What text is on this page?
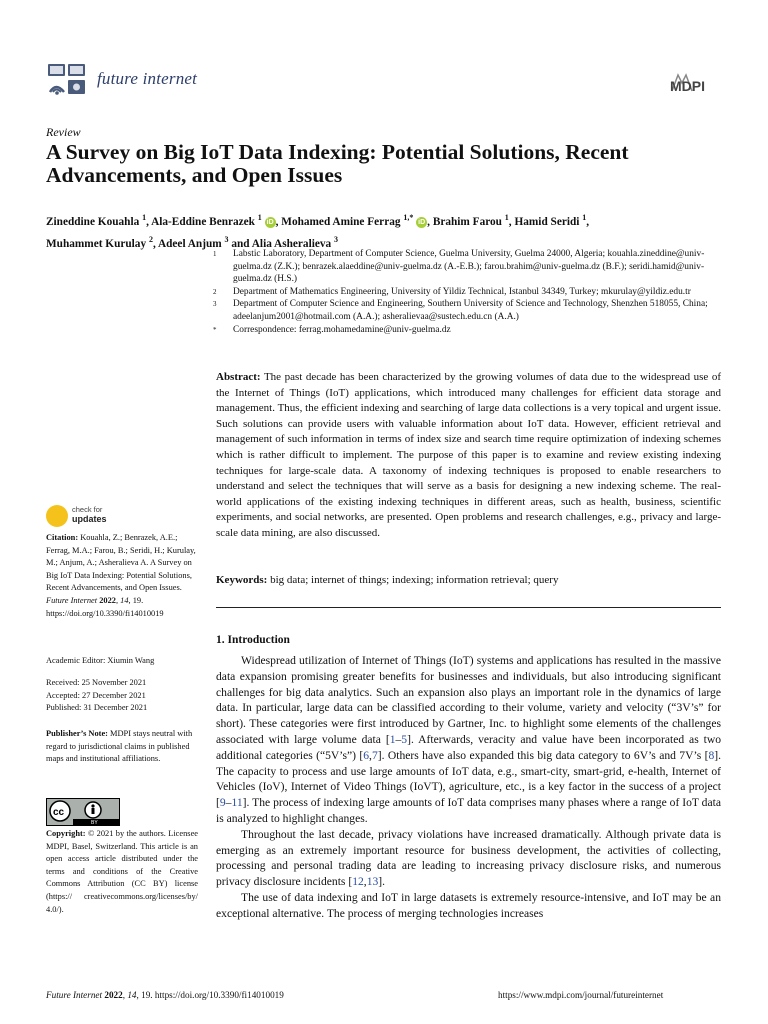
future internet	MDPI
Review
A Survey on Big IoT Data Indexing: Potential Solutions, Recent Advancements, and Open Issues
Zineddine Kouahla $^1$, Ala-Eddine Benrazek $^1$ iD , Mohamed Amine Ferrag $^{1,*}$ iD , Brahim Farou $^1$, Hamid Seridi $^1$,
Muhammet Kurulay $^2$, Adeel Anjum $^3$ and Alia Asheralieva $^3$
1	Labstic Laboratory, Department of Computer Science, Guelma University, Guelma 24000, Algeria; kouahla.zineddine@univ-guelma.dz (Z.K.); benrazek.alaeddine@univ-guelma.dz (A.-E.B.); farou.brahim@univ-guelma.dz (B.F.); seridi.hamid@univ-guelma.dz (H.S.)
2	Department of Mathematics Engineering, University of Yildiz Technical, Istanbul 34349, Turkey; mkurulay@yildiz.edu.tr
3	Department of Computer Science and Engineering, Southern University of Science and Technology, Shenzhen 518055, China; adeelanjum2001@hotmail.com (A.A.); asheralievaa@sustech.edu.cn (A.A.)
*	Correspondence: ferrag.mohamedamine@univ-guelma.dz
Abstract: The past decade has been characterized by the growing volumes of data due to the widespread use of the Internet of Things (IoT) applications, which introduced many challenges for efficient data storage and management. Thus, the efficient indexing and searching of large data collections is a very topical and urgent issue. Such solutions can provide users with valuable information about IoT data. However, efficient retrieval and management of such information in terms of index size and search time require optimization of indexing schemes which is rather difficult to implement. The purpose of this paper is to examine and review existing indexing techniques for large-scale data. A taxonomy of indexing techniques is proposed to enable researchers to understand and select the techniques that will serve as a basis for designing a new indexing scheme. The real-world applications of the existing indexing techniques in different areas, such as health, business, scientific experiments, and social networks, are presented. Open problems and research challenges, e.g., privacy and large-scale data mining, are also discussed.
Keywords: big data; internet of things; indexing; information retrieval; query
check for
updates
Citation: Kouahla, Z.; Benrazek, A.E.; Ferrag, M.A.; Farou, B.; Seridi, H.; Kurulay, M.; Anjum, A.; Asheralieva A. A Survey on Big IoT Data Indexing: Potential Solutions, Recent Advancements, and Open Issues. Future Internet 2022, 14, 19.
https://doi.org/10.3390/fi14010019
Academic Editor: Xiumin Wang
Received: 25 November 2021
Accepted: 27 December 2021
Published: 31 December 2021
Publisher’s Note: MDPI stays neutral with regard to jurisdictional claims in published maps and institutional affiliations.
cc
BY
Copyright: © 2021 by the authors. Licensee MDPI, Basel, Switzerland. This article is an open access article distributed under the terms and conditions of the Creative Commons Attribution (CC BY) license (https:// creativecommons.org/licenses/by/ 4.0/).
1. Introduction

Widespread utilization of Internet of Things (IoT) systems and applications has resulted in the massive data expansion promising greater benefits for businesses and individuals, but also introducing significant challenges for big data analytics. Such an expansion also plays an important role in the dynamics of large data. In particular, large data can be classified according to their volume, variety and velocity (“3V’s” for short). These categories were first introduced by Gartner, Inc. to highlight some elements of the challenges associated with large volume data [1–5]. Afterwards, veracity and value have been incorporated as two additional categories (“5V’s”) [6,7]. Others have also expanded this big data category to 6V’s and 7V’s [8]. The capacity to process and use large amounts of IoT data, e.g., smart-city, smart-grid, e-health, Internet of Vehicles (IoV), Internet of Video Things (IoVT), agriculture, etc., is a key factor in the success of a project [9–11]. The process of indexing large amounts of IoT data comprises many phases where a range of IoT data is analyzed to highlight changes.

Throughout the last decade, privacy violations have increased dramatically. Although private data is emerging as an extremely important resource for business development, the activities of collecting, processing and personal trading data are leading to increasing privacy disclosure risks, and numerous privacy disclosure incidents [12,13].

The use of data indexing and IoT in large datasets is extremely resource-intensive, and IoT may be an exceptional alternative. The process of merging technologies increases

Future Internet 2022, 14, 19. https://doi.org/10.3390/fi14010019	https://www.mdpi.com/journal/futureinternet
